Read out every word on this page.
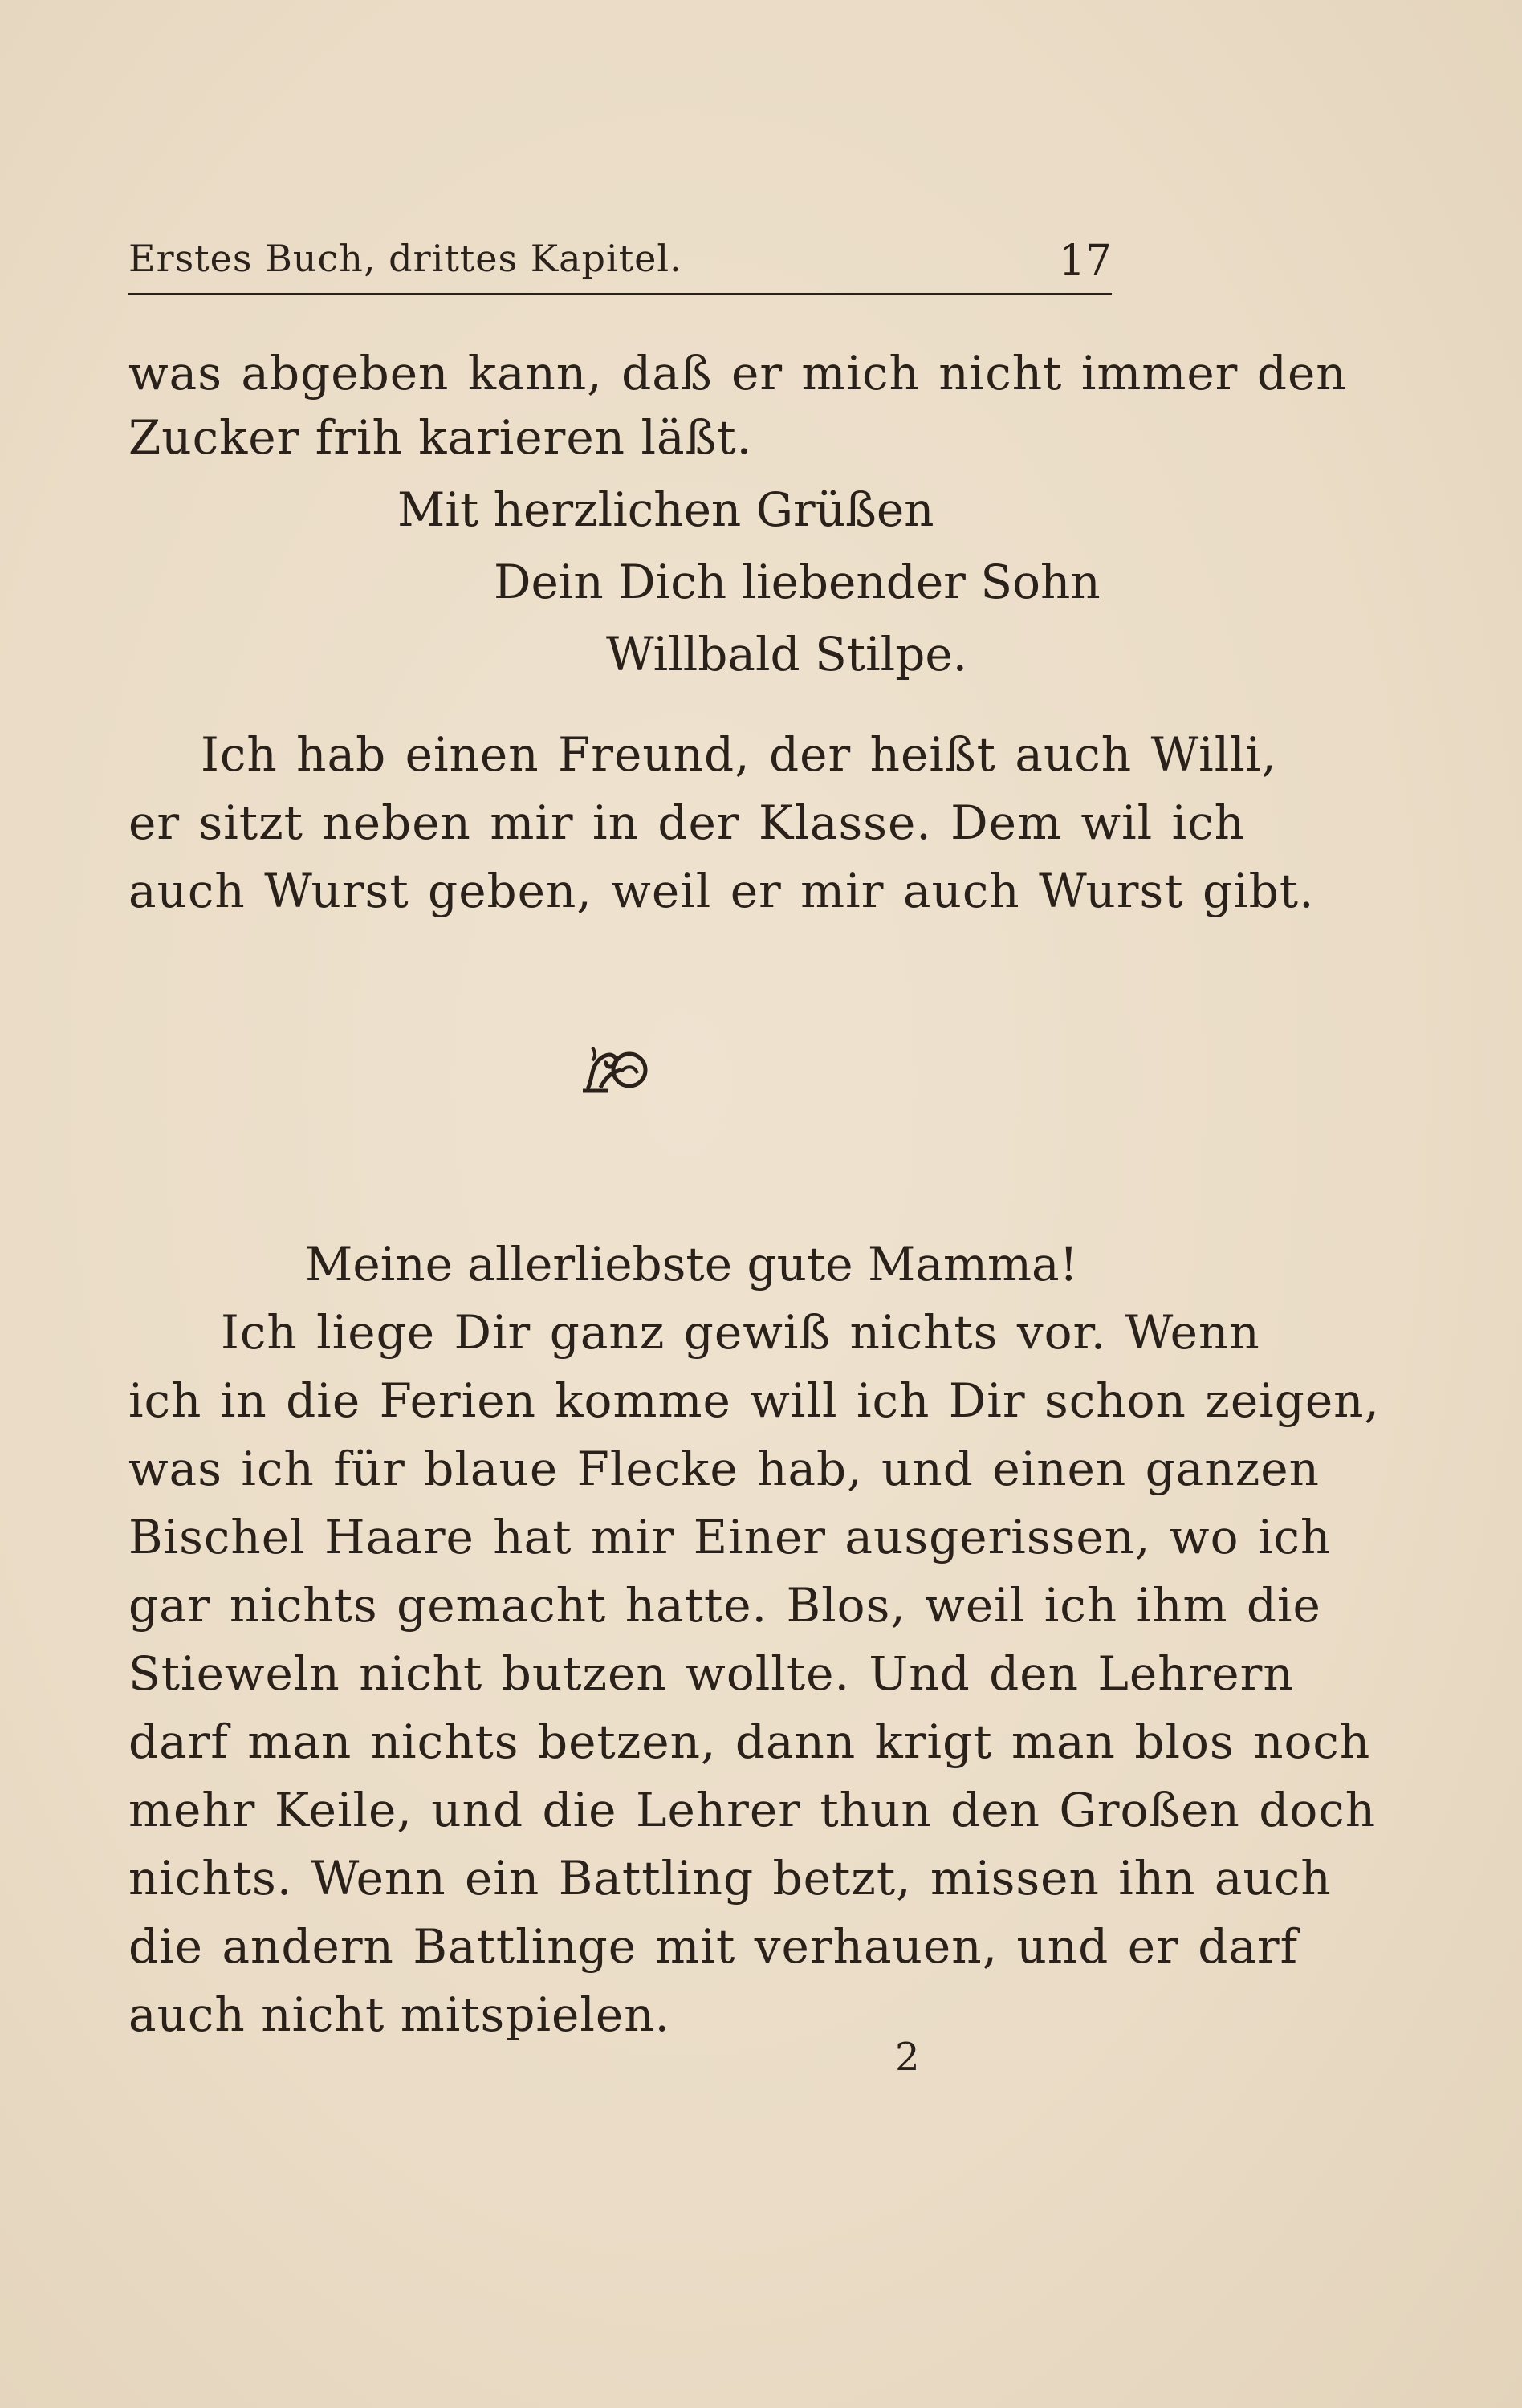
Erstes Buch, drittes Kapitel.	17
was abgeben kann, daß er mich nicht immer den
Zucker frih karieren läßt.
Mit herzlichen Grüßen
Dein Dich liebender Sohn
Willbald Stilpe.
Ich hab einen Freund, der heißt auch Willi,
er sitzt neben mir in der Klasse. Dem wil ich
auch Wurst geben, weil er mir auch Wurst gibt.
Meine allerliebste gute Mamma!
Ich liege Dir ganz gewiß nichts vor. Wenn
ich in die Ferien komme will ich Dir schon zeigen,
was ich für blaue Flecke hab, und einen ganzen
Bischel Haare hat mir Einer ausgerissen, wo ich
gar nichts gemacht hatte. Blos, weil ich ihm die
Stieweln nicht butzen wollte. Und den Lehrern
darf man nichts betzen, dann krigt man blos noch
mehr Keile, und die Lehrer thun den Großen doch
nichts. Wenn ein Battling betzt, missen ihn auch
die andern Battlinge mit verhauen, und er darf
auch nicht mitspielen.
2
